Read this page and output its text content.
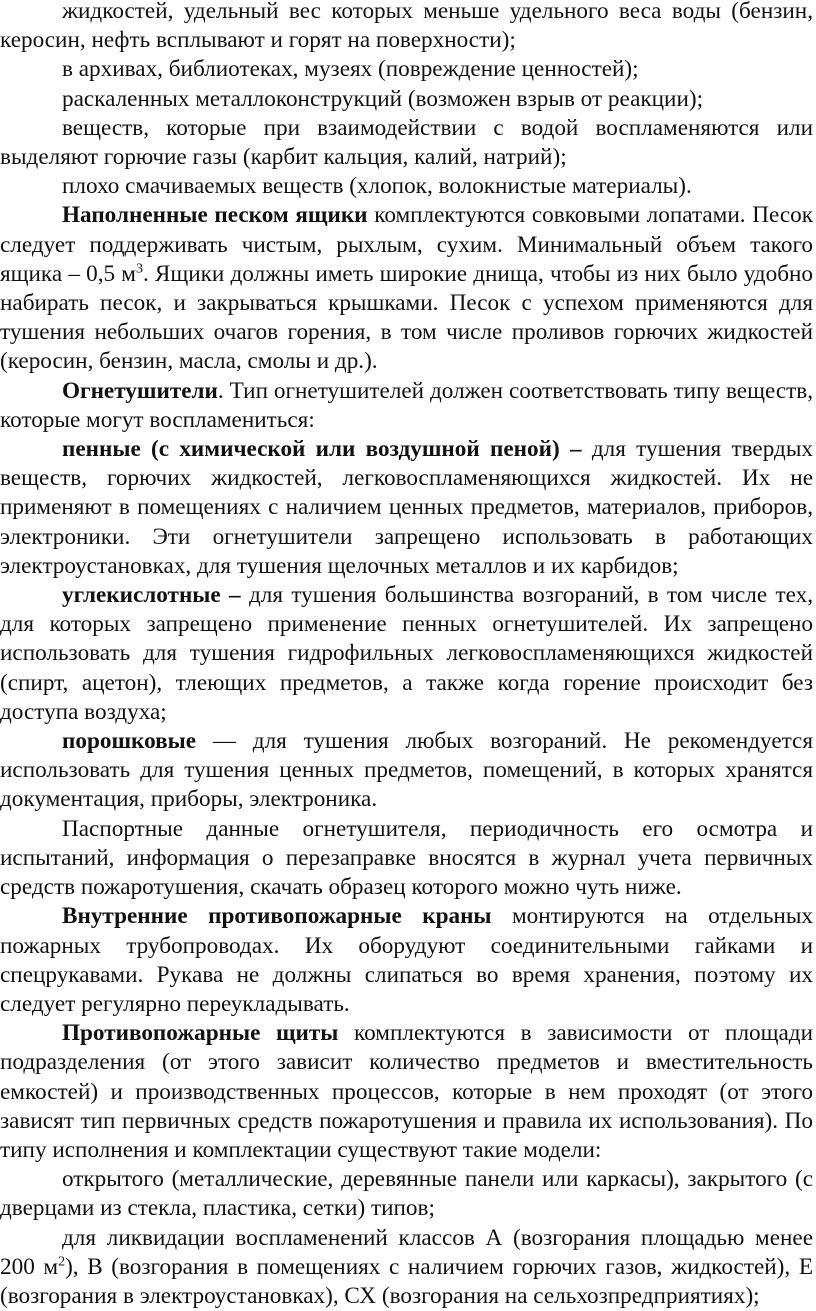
жидкостей, удельный вес которых меньше удельного веса воды (бензин, керосин, нефть всплывают и горят на поверхности);

в архивах, библиотеках, музеях (повреждение ценностей);

раскаленных металлоконструкций (возможен взрыв от реакции);

веществ, которые при взаимодействии с водой воспламеняются или выделяют горючие газы (карбит кальция, калий, натрий);

плохо смачиваемых веществ (хлопок, волокнистые материалы).

Наполненные песком ящики комплектуются совковыми лопатами. Песок следует поддерживать чистым, рыхлым, сухим. Минимальный объем такого ящика – 0,5 $м^3$. Ящики должны иметь широкие днища, чтобы из них было удобно набирать песок, и закрываться крышками. Песок с успехом применяются для тушения небольших очагов горения, в том числе проливов горючих жидкостей (керосин, бензин, масла, смолы и др.).

Огнетушители. Тип огнетушителей должен соответствовать типу веществ, которые могут воспламениться:

пенные (с химической или воздушной пеной) – для тушения твердых веществ, горючих жидкостей, легковоспламеняющихся жидкостей. Их не применяют в помещениях с наличием ценных предметов, материалов, приборов, электроники. Эти огнетушители запрещено использовать в работающих электроустановках, для тушения щелочных металлов и их карбидов;

углекислотные – для тушения большинства возгораний, в том числе тех, для которых запрещено применение пенных огнетушителей. Их запрещено использовать для тушения гидрофильных легковоспламеняющихся жидкостей (спирт, ацетон), тлеющих предметов, а также когда горение происходит без доступа воздуха;

порошковые — для тушения любых возгораний. Не рекомендуется использовать для тушения ценных предметов, помещений, в которых хранятся документация, приборы, электроника.

Паспортные данные огнетушителя, периодичность его осмотра и испытаний, информация о перезаправке вносятся в журнал учета первичных средств пожаротушения, скачать образец которого можно чуть ниже.

Внутренние противопожарные краны монтируются на отдельных пожарных трубопроводах. Их оборудуют соединительными гайками и спецрукавами. Рукава не должны слипаться во время хранения, поэтому их следует регулярно переукладывать.

Противопожарные щиты комплектуются в зависимости от площади подразделения (от этого зависит количество предметов и вместительность емкостей) и производственных процессов, которые в нем проходят (от этого зависят тип первичных средств пожаротушения и правила их использования). По типу исполнения и комплектации существуют такие модели:

открытого (металлические, деревянные панели или каркасы), закрытого (с дверцами из стекла, пластика, сетки) типов;

для ликвидации воспламенений классов А (возгорания площадью менее 200 $м^2$), В (возгорания в помещениях с наличием горючих газов, жидкостей), Е (возгорания в электроустановках), СХ (возгорания на сельхозпредприятиях);
